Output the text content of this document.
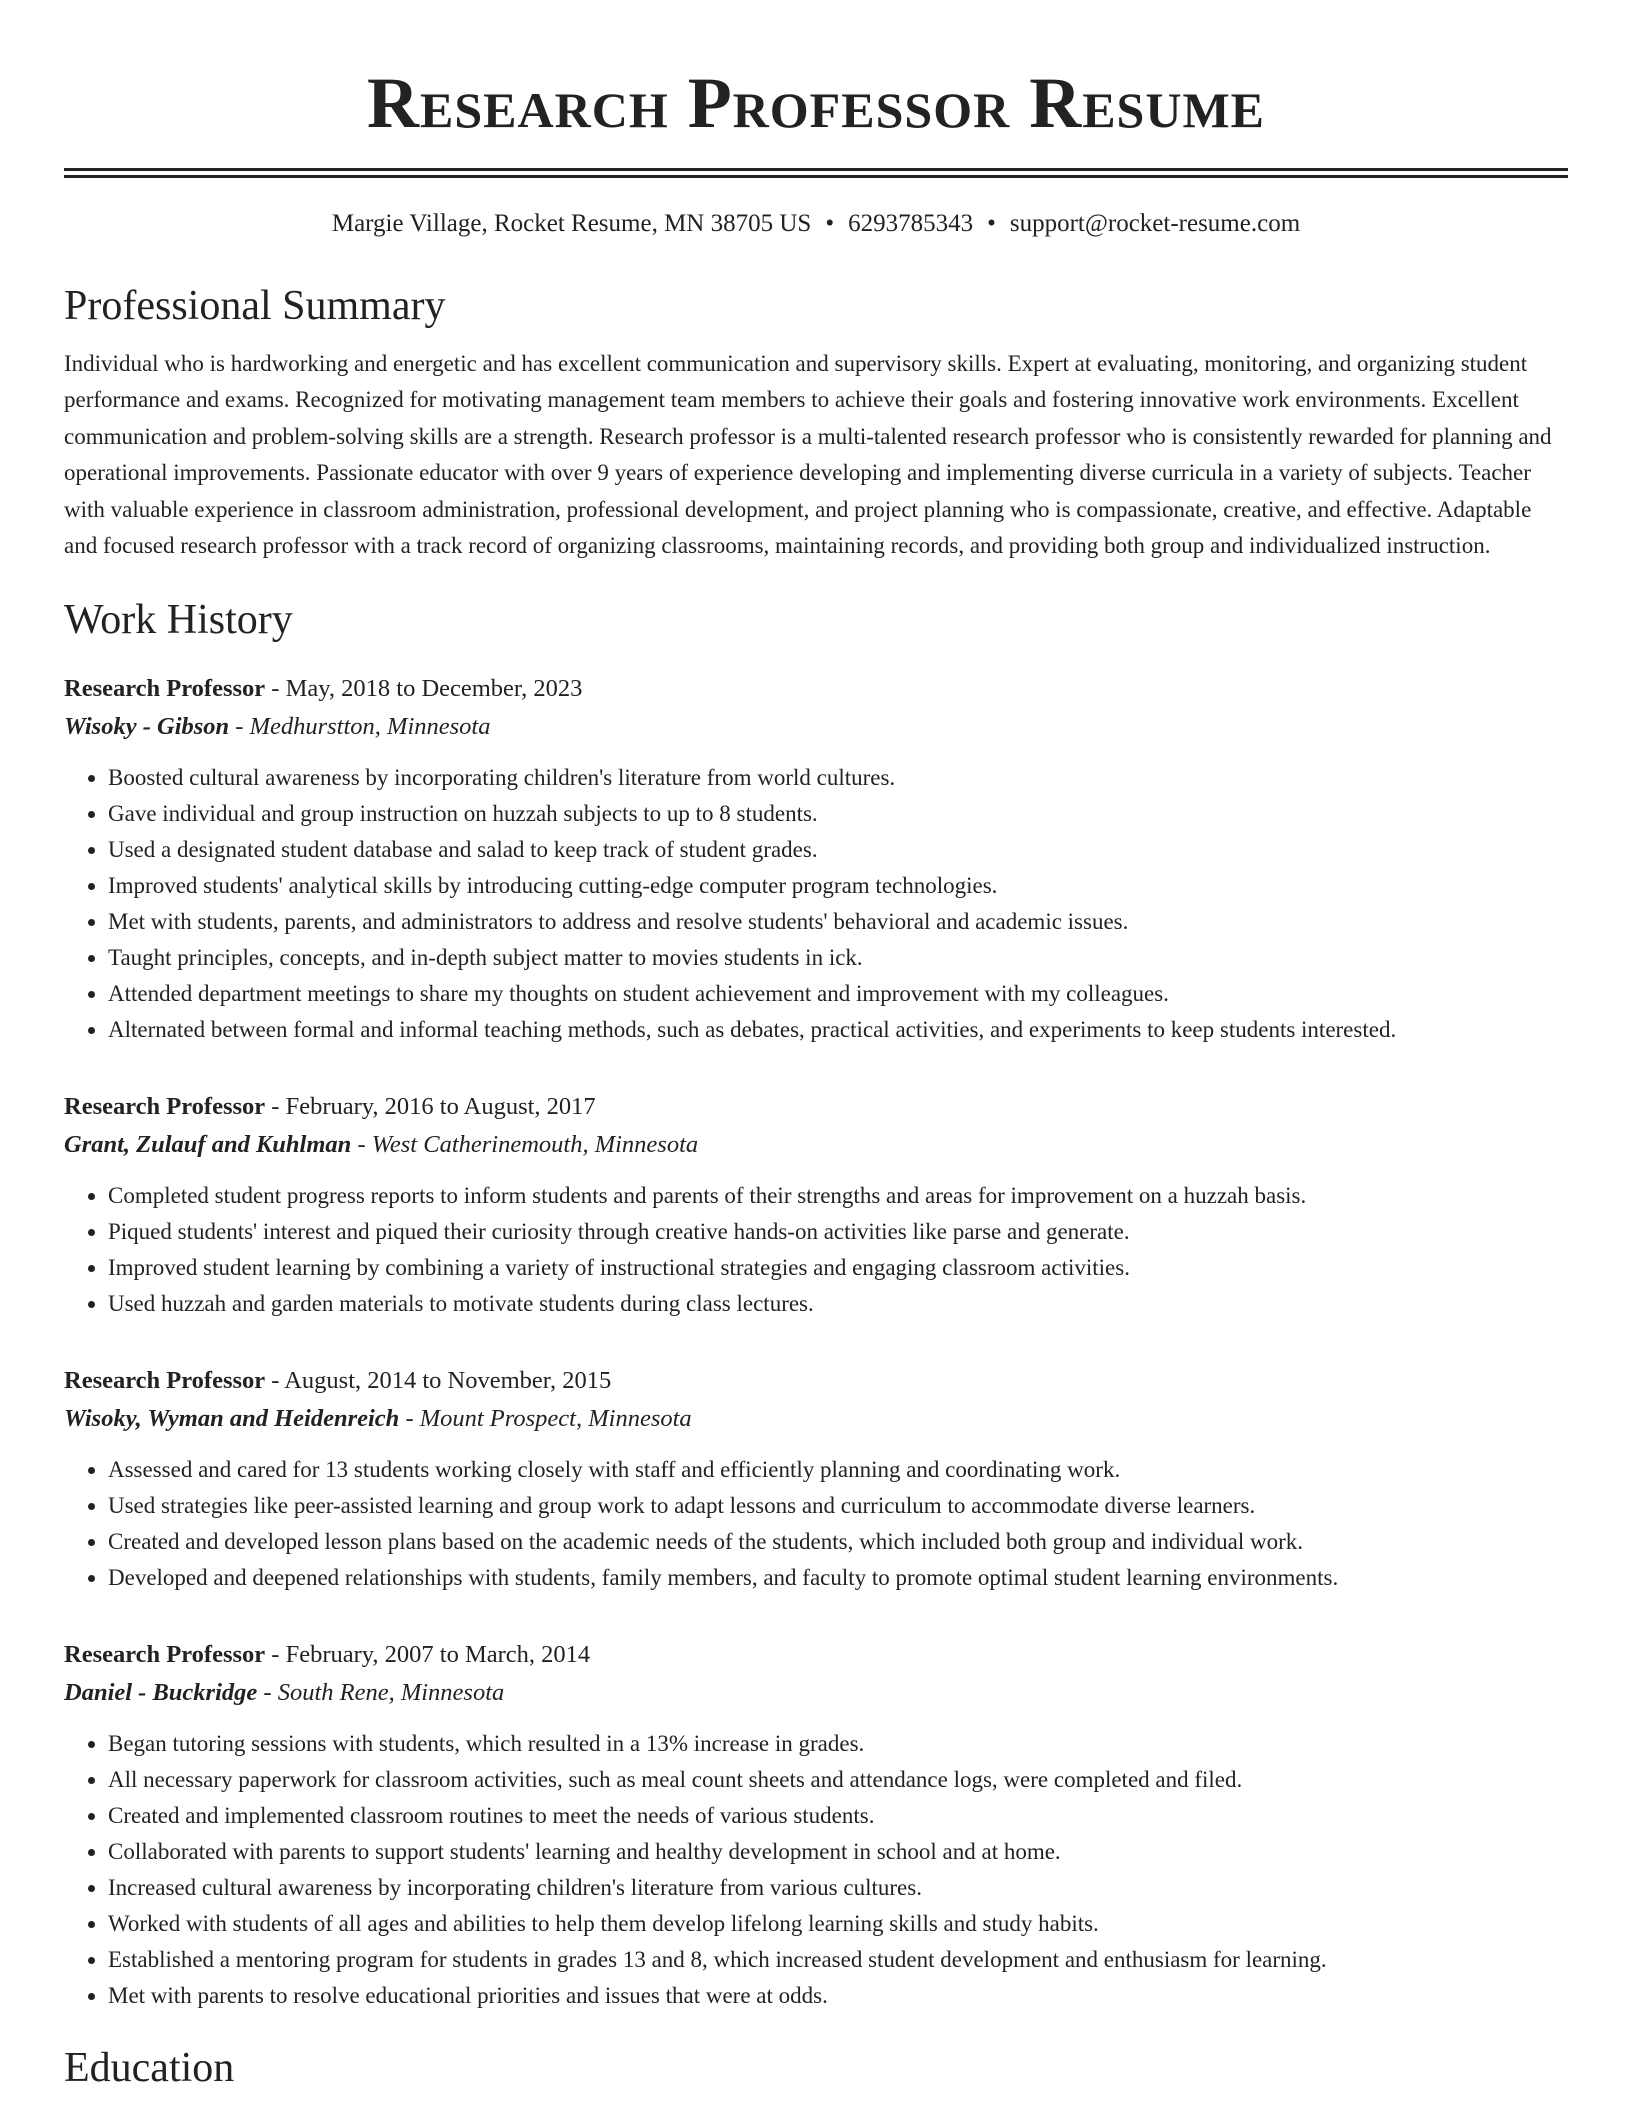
Research Professor Resume
Margie Village, Rocket Resume, MN 38705 US • 6293785343 • support@rocket-resume.com
Professional Summary

Individual who is hardworking and energetic and has excellent communication and supervisory skills. Expert at evaluating, monitoring, and organizing student performance and exams. Recognized for motivating management team members to achieve their goals and fostering innovative work environments. Excellent communication and problem-solving skills are a strength. Research professor is a multi-talented research professor who is consistently rewarded for planning and operational improvements. Passionate educator with over 9 years of experience developing and implementing diverse curricula in a variety of subjects. Teacher with valuable experience in classroom administration, professional development, and project planning who is compassionate, creative, and effective. Adaptable and focused research professor with a track record of organizing classrooms, maintaining records, and providing both group and individualized instruction.

Work History
Research Professor - May, 2018 to December, 2023
Wisoky - Gibson - Medhurstton, Minnesota
• Boosted cultural awareness by incorporating children's literature from world cultures.
• Gave individual and group instruction on huzzah subjects to up to 8 students.
• Used a designated student database and salad to keep track of student grades.
• Improved students' analytical skills by introducing cutting-edge computer program technologies.
• Met with students, parents, and administrators to address and resolve students' behavioral and academic issues.
• Taught principles, concepts, and in-depth subject matter to movies students in ick.
• Attended department meetings to share my thoughts on student achievement and improvement with my colleagues.
• Alternated between formal and informal teaching methods, such as debates, practical activities, and experiments to keep students interested.
Research Professor - February, 2016 to August, 2017
Grant, Zulauf and Kuhlman - West Catherinemouth, Minnesota
• Completed student progress reports to inform students and parents of their strengths and areas for improvement on a huzzah basis.
• Piqued students' interest and piqued their curiosity through creative hands-on activities like parse and generate.
• Improved student learning by combining a variety of instructional strategies and engaging classroom activities.
• Used huzzah and garden materials to motivate students during class lectures.
Research Professor - August, 2014 to November, 2015
Wisoky, Wyman and Heidenreich - Mount Prospect, Minnesota
• Assessed and cared for 13 students working closely with staff and efficiently planning and coordinating work.
• Used strategies like peer-assisted learning and group work to adapt lessons and curriculum to accommodate diverse learners.
• Created and developed lesson plans based on the academic needs of the students, which included both group and individual work.
• Developed and deepened relationships with students, family members, and faculty to promote optimal student learning environments.
Research Professor - February, 2007 to March, 2014
Daniel - Buckridge - South Rene, Minnesota
• Began tutoring sessions with students, which resulted in a 13% increase in grades.
• All necessary paperwork for classroom activities, such as meal count sheets and attendance logs, were completed and filed.
• Created and implemented classroom routines to meet the needs of various students.
• Collaborated with parents to support students' learning and healthy development in school and at home.
• Increased cultural awareness by incorporating children's literature from various cultures.
• Worked with students of all ages and abilities to help them develop lifelong learning skills and study habits.
• Established a mentoring program for students in grades 13 and 8, which increased student development and enthusiasm for learning.
• Met with parents to resolve educational priorities and issues that were at odds.
Education
